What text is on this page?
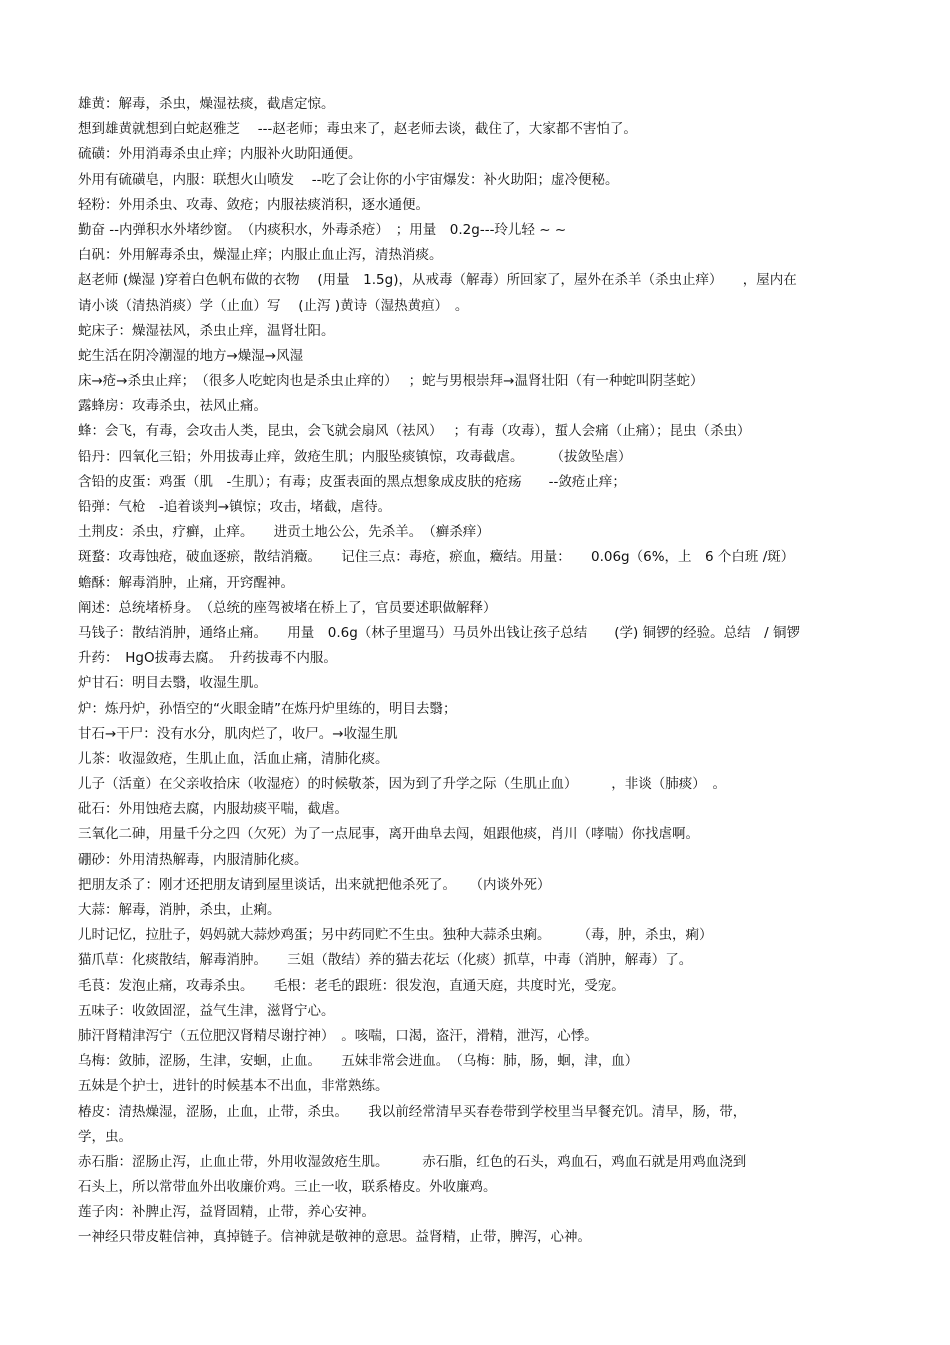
雄黄：解毒，杀虫，燥湿祛痰，截虐定惊。
想到雄黄就想到白蛇赵雅芝　 ---赵老师；毒虫来了，赵老师去谈，截住了，大家都不害怕了。
硫磺：外用消毒杀虫止痒；内服补火助阳通便。
外用有硫磺皂，内服：联想火山喷发　 --吃了会让你的小宇宙爆发：补火助阳；虚冷便秘。
轻粉：外用杀虫、攻毒、敛疮；内服祛痰消积，逐水通便。
勤奋 --内弹积水外堵纱窗。　（内痰积水，外毒杀疮）　；用量　0.2g---玲儿轻 ~ ~
白矾：外用解毒杀虫，燥湿止痒；内服止血止泻，清热消痰。
赵老师 (燥湿 )穿着白色帆布做的衣物　 (用量　1.5g)，从戒毒（解毒）所回家了，屋外在杀羊（杀虫止痒）　　，屋内在
请小谈（清热消痰）学（止血）写　 (止泻 )黄诗（湿热黄疸）　。
蛇床子：燥湿祛风，杀虫止痒，温肾壮阳。
蛇生活在阴冷潮湿的地方→燥湿→风湿
床→疮→杀虫止痒；　（很多人吃蛇肉也是杀虫止痒的）　 ；蛇与男根崇拜→温肾壮阳（有一种蛇叫阴茎蛇）
露蜂房：攻毒杀虫，祛风止痛。
蜂：会飞，有毒，会攻击人类，昆虫，会飞就会扇风（祛风）　 ；有毒（攻毒），蜇人会痛（止痛）；昆虫（杀虫）
铅丹：四氧化三铅；外用拔毒止痒，敛疮生肌；内服坠痰镇惊，攻毒截虐。　　　（拔敛坠虐）
含铅的皮蛋：鸡蛋（肌　-生肌）；有毒；皮蛋表面的黑点想象成皮肤的疮疡　　--敛疮止痒；
铅弹：气枪　-追着谈判→镇惊；攻击，堵截，虐待。
土荆皮：杀虫，疗癣，止痒。　　进贡土地公公，先杀羊。　（癣杀痒）
斑蝥：攻毒蚀疮，破血逐瘀，散结消癥。　　记住三点：毒疮，瘀血，癥结。用量：　　0.06g（6%，上　6 个白班 /斑）
蟾酥：解毒消肿，止痛，开窍醒神。
阐述：总统堵桥身。　（总统的座驾被堵在桥上了，官员要述职做解释）
马钱子：散结消肿，通络止痛。　　用量　0.6g（林子里遛马）马员外出钱让孩子总结　　(学) 铜锣的经验。总结　/ 铜锣
升药：　HgO拔毒去腐。　升药拔毒不内服。
炉甘石：明目去翳，收湿生肌。
炉：炼丹炉，孙悟空的“火眼金睛”在炼丹炉里练的，明目去翳；
甘石→干尸：没有水分，肌肉烂了，收尸。→收湿生肌
儿茶：收湿敛疮，生肌止血，活血止痛，清肺化痰。
儿子（活童）在父亲收拾床（收湿疮）的时候敬茶，因为到了升学之际（生肌止血）　　　，非谈（肺痰）　。
砒石：外用蚀疮去腐，内服劫痰平喘，截虐。
三氧化二砷，用量千分之四（欠死）为了一点屁事，离开曲阜去闯，姐跟他痰，肖川（哮喘）你找虐啊。
硼砂：外用清热解毒，内服清肺化痰。
把朋友杀了：刚才还把朋友请到屋里谈话，出来就把他杀死了。　　（内谈外死）
大蒜：解毒，消肿，杀虫，止痢。
儿时记忆，拉肚子，妈妈就大蒜炒鸡蛋；另中药同贮不生虫。独种大蒜杀虫痢。　　　（毒，肿，杀虫，痢）
猫爪草：化痰散结，解毒消肿。　　三姐（散结）养的猫去花坛（化痰）抓草，中毒（消肿，解毒）了。
毛茛：发泡止痛，攻毒杀虫。　　毛根：老毛的跟班：很发泡，直通天庭，共度时光，受宠。
五味子：收敛固涩，益气生津，滋肾宁心。
肺汗肾精津泻宁（五位肥汉肾精尽谢拧神）　。咳喘，口渴，盗汗，滑精，泄泻，心悸。
乌梅：敛肺，涩肠，生津，安蛔，止血。　　五妹非常会进血。　（乌梅：肺，肠，蛔，津，血）
五妹是个护士，进针的时候基本不出血，非常熟练。
椿皮：清热燥湿，涩肠，止血，止带，杀虫。　　我以前经常清早买春卷带到学校里当早餐充饥。清早，肠，带，
学，虫。
赤石脂：涩肠止泻，止血止带，外用收湿敛疮生肌。　　　赤石脂，红色的石头，鸡血石，鸡血石就是用鸡血浇到
石头上，所以常带血外出收廉价鸡。三止一收，联系椿皮。外收廉鸡。
莲子肉：补脾止泻，益肾固精，止带，养心安神。
一神经只带皮鞋信神，真掉链子。信神就是敬神的意思。益肾精，止带，脾泻，心神。
